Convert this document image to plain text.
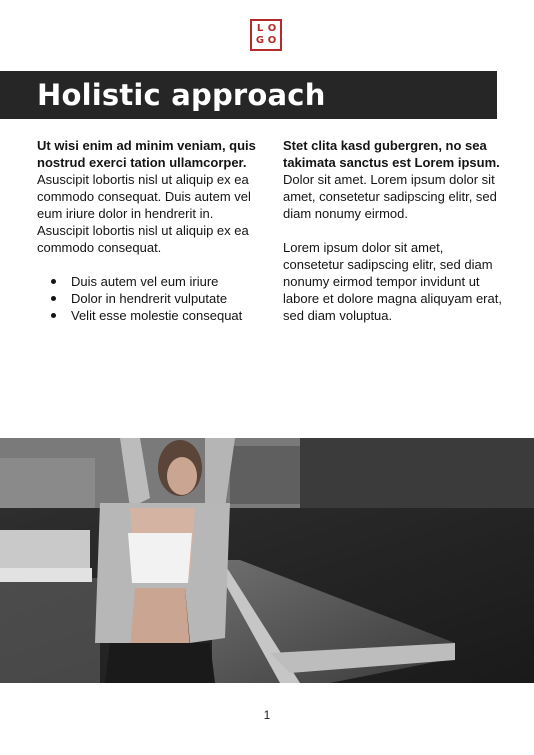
L O
G O
Holistic approach

Ut wisi enim ad minim veniam, quis nostrud exerci tation ullamcorper. Asuscipit lobortis nisl ut aliquip ex ea commodo consequat. Duis autem vel eum iriure dolor in hendrerit in. Asuscipit lobortis nisl ut aliquip ex ea commodo consequat.

Duis autem vel eum iriure
Dolor in hendrerit vulputate
Velit esse molestie consequat

Stet clita kasd gubergren, no sea takimata sanctus est Lorem ipsum. Dolor sit amet. Lorem ipsum dolor sit amet, consetetur sadipscing elitr, sed diam nonumy eirmod.

Lorem ipsum dolor sit amet, consetetur sadipscing elitr, sed diam nonumy eirmod tempor invidunt ut labore et dolore magna aliquyam erat, sed diam voluptua.

1
